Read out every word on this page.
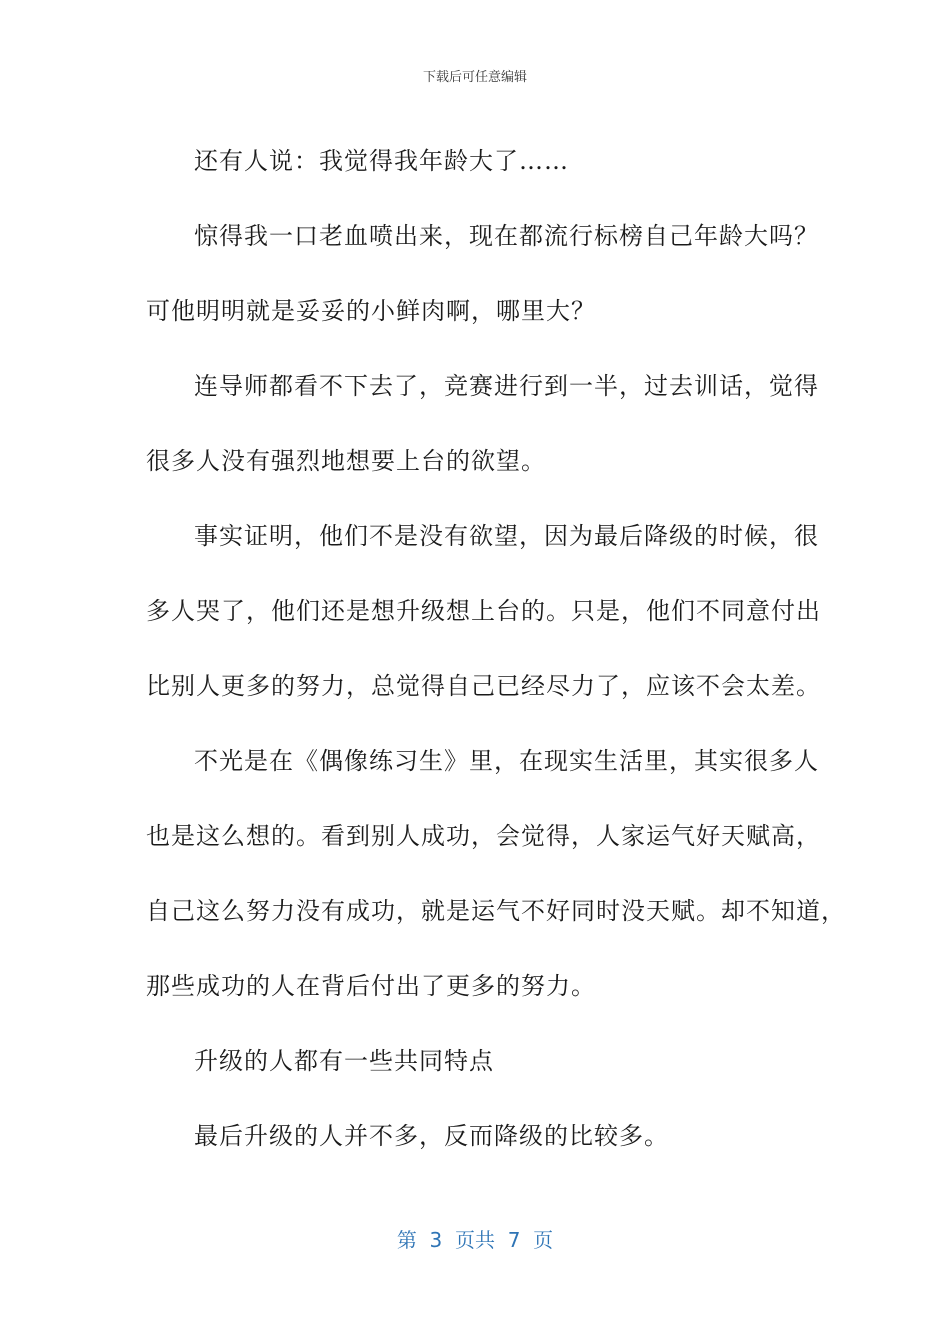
下载后可任意编辑
还有人说：我觉得我年龄大了……
惊得我一口老血喷出来，现在都流行标榜自己年龄大吗？
可他明明就是妥妥的小鲜肉啊，哪里大？
连导师都看不下去了，竞赛进行到一半，过去训话，觉得
很多人没有强烈地想要上台的欲望。
事实证明，他们不是没有欲望，因为最后降级的时候，很
多人哭了，他们还是想升级想上台的。只是，他们不同意付出
比别人更多的努力，总觉得自己已经尽力了，应该不会太差。
不光是在《偶像练习生》里，在现实生活里，其实很多人
也是这么想的。看到别人成功，会觉得，人家运气好天赋高，
自己这么努力没有成功，就是运气不好同时没天赋。却不知道，
那些成功的人在背后付出了更多的努力。
升级的人都有一些共同特点
最后升级的人并不多，反而降级的比较多。
第  3  页共  7  页
